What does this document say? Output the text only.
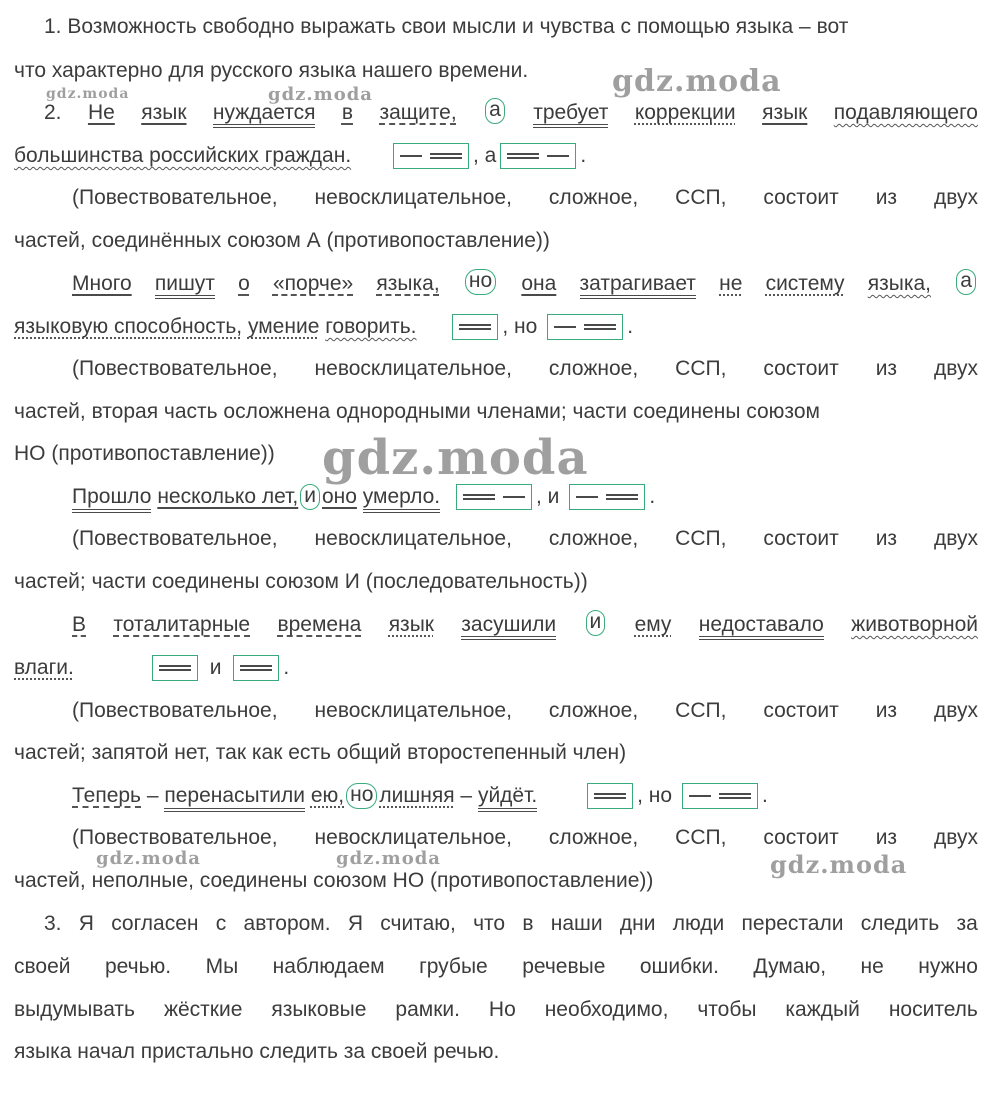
1. Возможность свободно выражать свои мысли и чувства с помощью языка – вот
что характерно для русского языка нашего времени.
2. Не язык нуждается в защите, а требует коррекции язык подавляющего
большинства российских граждан.	, а	.
(Повествовательное, невосклицательное, сложное, ССП, состоит из двух
частей, соединённых союзом А (противопоставление))
Много пишут о «порче» языка, но она затрагивает не систему языка, а
языковую способность, умение говорить.	, но	.
(Повествовательное, невосклицательное, сложное, ССП, состоит из двух
частей, вторая часть осложнена однородными членами; части соединены союзом
НО (противопоставление))
Прошло несколько лет, и оно умерло.	, и	.
(Повествовательное, невосклицательное, сложное, ССП, состоит из двух
частей; части соединены союзом И (последовательность))
В тоталитарные времена язык засушили и ему недоставало животворной
влаги.	и	.
(Повествовательное, невосклицательное, сложное, ССП, состоит из двух
частей; запятой нет, так как есть общий второстепенный член)
Теперь – перенасытили ею, но лишняя – уйдёт.	, но	.
(Повествовательное, невосклицательное, сложное, ССП, состоит из двух
частей, неполные, соединены союзом НО (противопоставление))
3. Я согласен с автором. Я считаю, что в наши дни люди перестали следить за
своей речью. Мы наблюдаем грубые речевые ошибки. Думаю, не нужно
выдумывать жёсткие языковые рамки. Но необходимо, чтобы каждый носитель
языка начал пристально следить за своей речью.
gdz.moda
gdz.moda	gdz.moda
gdz.moda
gdz.moda	gdz.moda	gdz.moda
